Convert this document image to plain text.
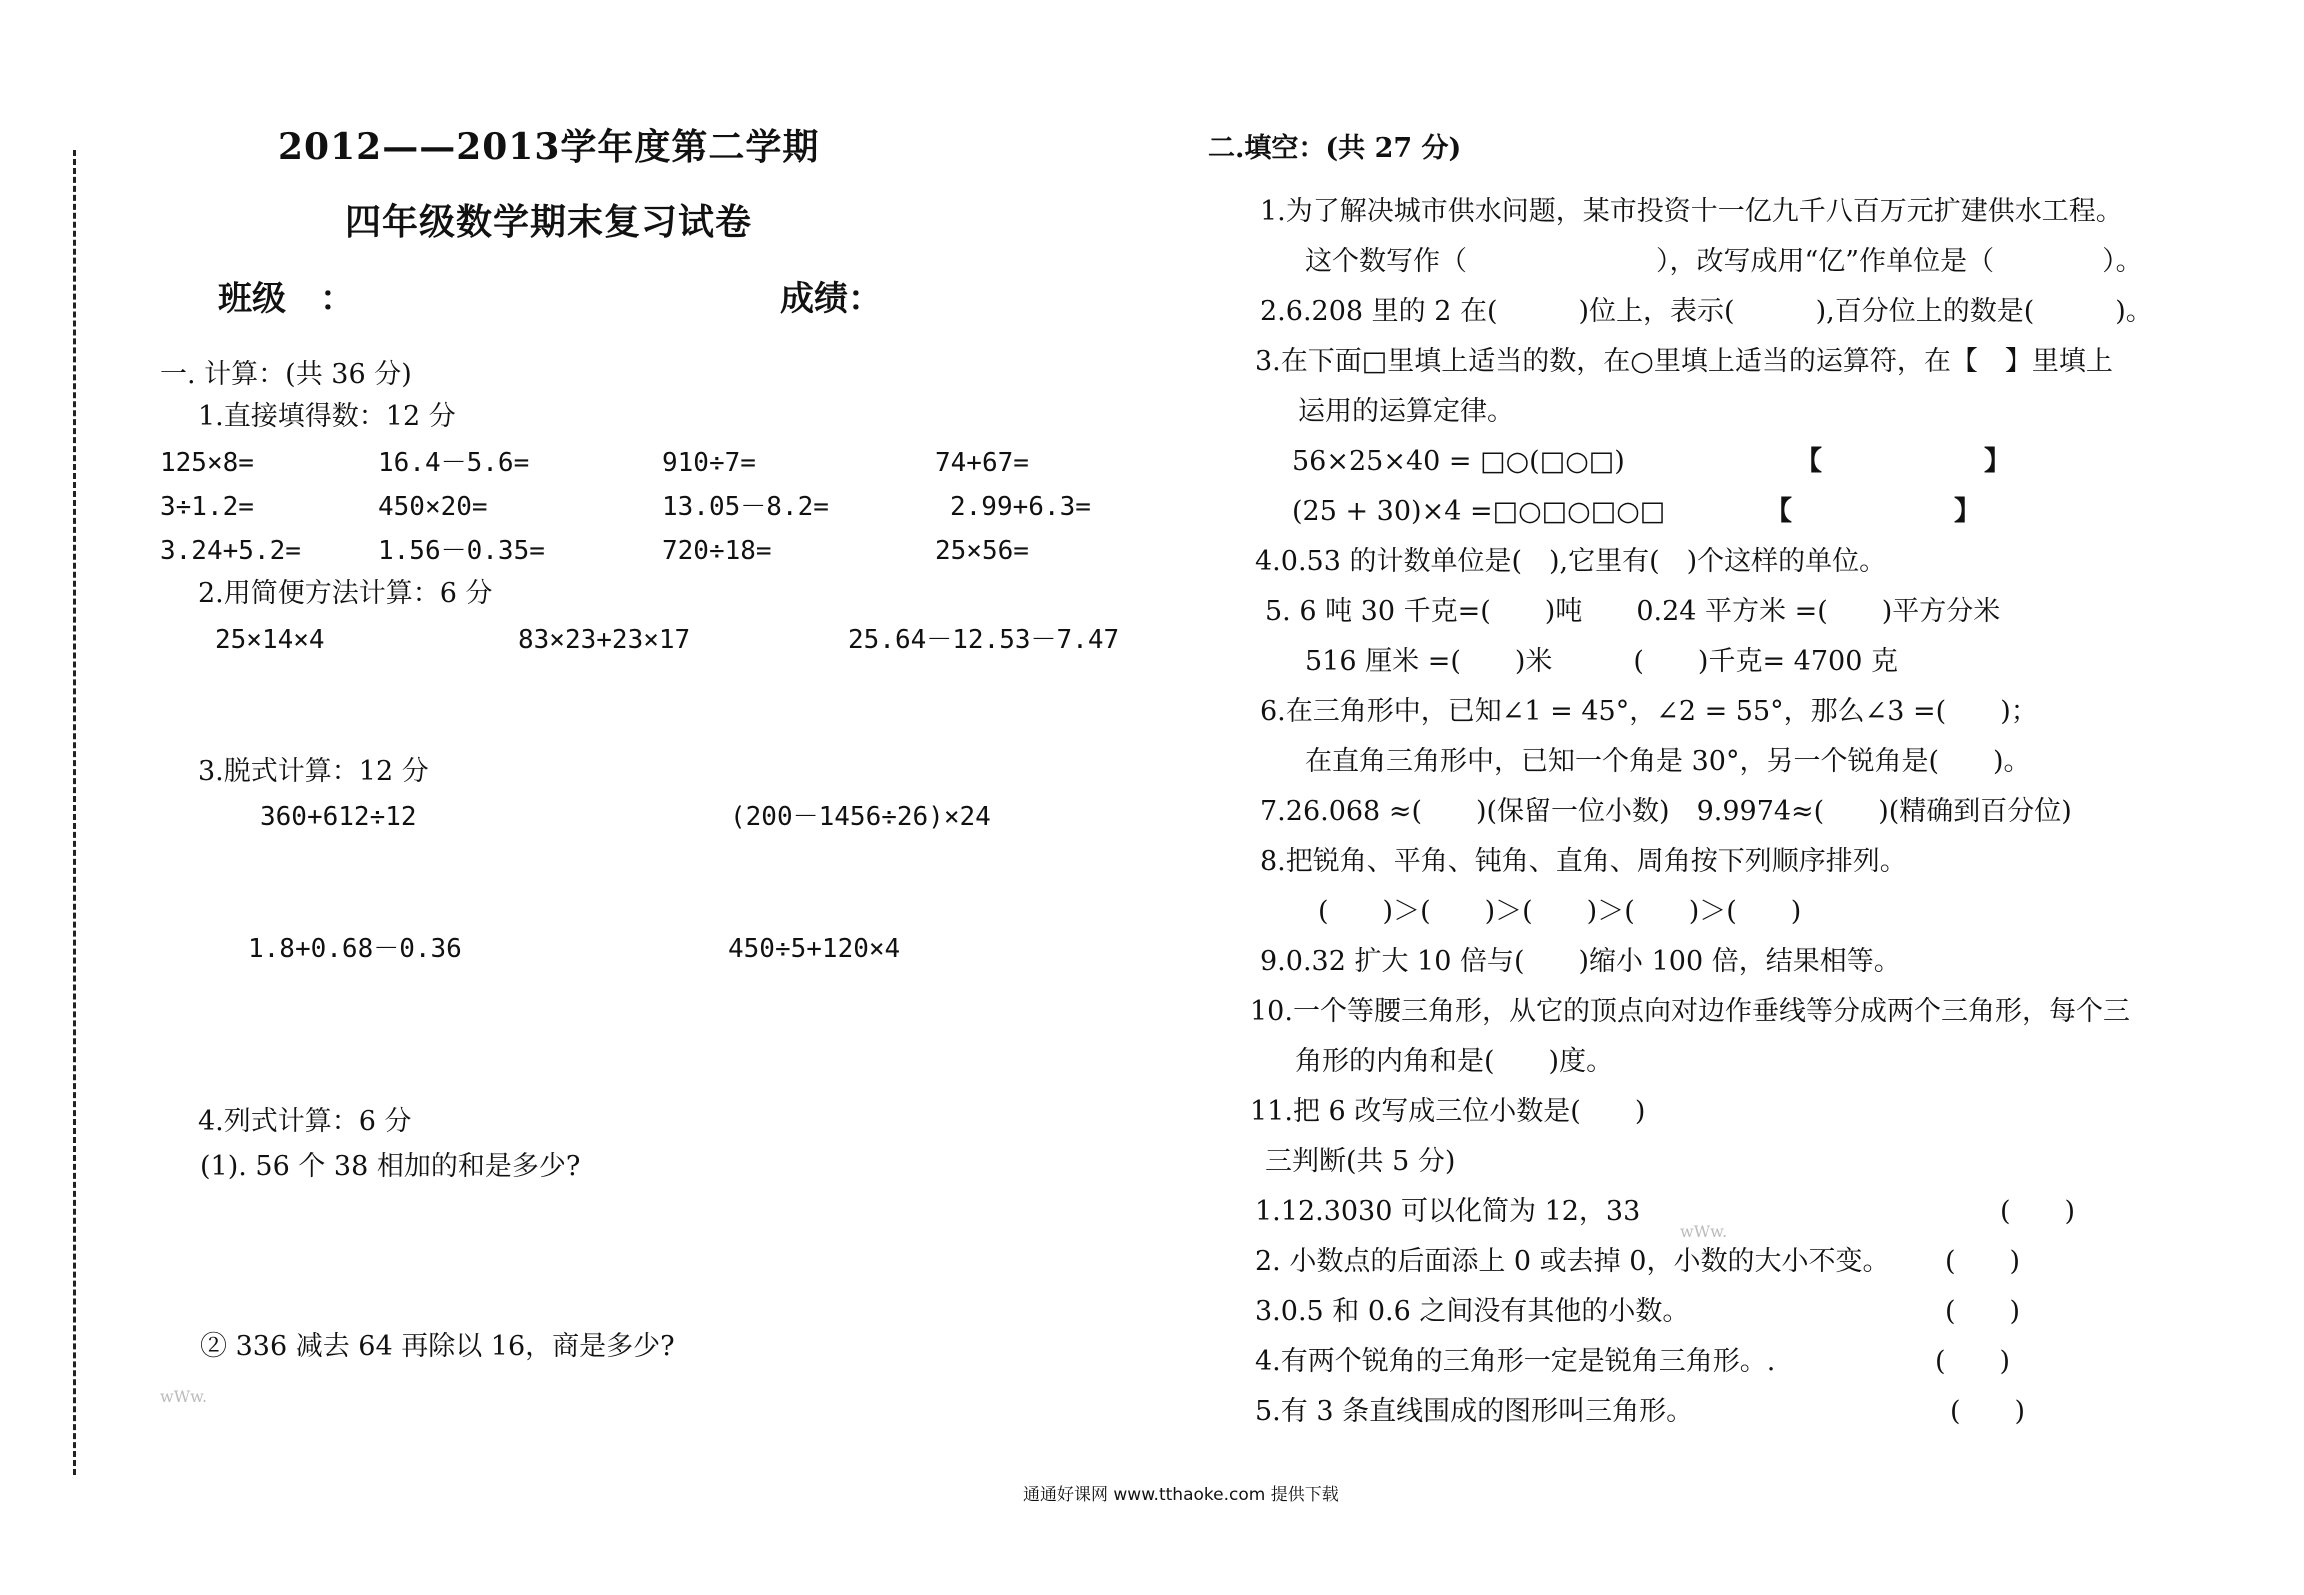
2012——2013学年度第二学期
四年级数学期末复习试卷
班级　：	成绩：
一. 计算：(共 36 分)
1.直接填得数：12 分
125×8=	16.4－5.6=	910÷7=	74+67=
3÷1.2=	450×20=	13.05－8.2=	2.99+6.3=
3.24+5.2=	1.56－0.35=	720÷18=	25×56=
2.用简便方法计算：6 分
25×14×4	83×23+23×17	25.64－12.53－7.47
3.脱式计算：12 分
360+612÷12	(200－1456÷26)×24
1.8+0.68－0.36	450÷5+120×4
4.列式计算：6 分
(1). 56 个 38 相加的和是多少?
② 336 减去 64 再除以 16，商是多少?
wWw.
二.填空：(共 27 分)
1.为了解决城市供水问题，某市投资十一亿九千八百万元扩建供水工程。
这个数写作（　　　　　　　），改写成用“亿”作单位是（　　　　）。
2.6.208 里的 2 在(　　　)位上，表示(　　　),百分位上的数是(　　　)。
3.在下面□里填上适当的数，在○里填上适当的运算符，在【　】里填上
运用的运算定律。
56×25×40 = □○(□○□)	【　　　　　　】
(25 + 30)×4 =□○□○□○□	【　　　　　　】
4.0.53 的计数单位是(　),它里有(　)个这样的单位。
5. 6 吨 30 千克=(　　)吨　　0.24 平方米 =(　　)平方分米
516 厘米 =(　　)米　　　(　　)千克= 4700 克
6.在三角形中，已知∠1 = 45°，∠2 = 55°，那么∠3 =(　　)；
在直角三角形中，已知一个角是 30°，另一个锐角是(　　)。
7.26.068 ≈(　　)(保留一位小数)　9.9974≈(　　)(精确到百分位)
8.把锐角、平角、钝角、直角、周角按下列顺序排列。
(　　)＞(　　)＞(　　)＞(　　)＞(　　)
9.0.32 扩大 10 倍与(　　)缩小 100 倍，结果相等。
10.一个等腰三角形，从它的顶点向对边作垂线等分成两个三角形，每个三
角形的内角和是(　　)度。
11.把 6 改写成三位小数是(　　)
三判断(共 5 分)
1.12.3030 可以化简为 12，33
wWw.
(　　)
2. 小数点的后面添上 0 或去掉 0，小数的大小不变。 (　　)
3.0.5 和 0.6 之间没有其他的小数。	(　　)
4.有两个锐角的三角形一定是锐角三角形。.	(　　)
5.有 3 条直线围成的图形叫三角形。	(　　)
通通好课网 www.tthaoke.com 提供下载
